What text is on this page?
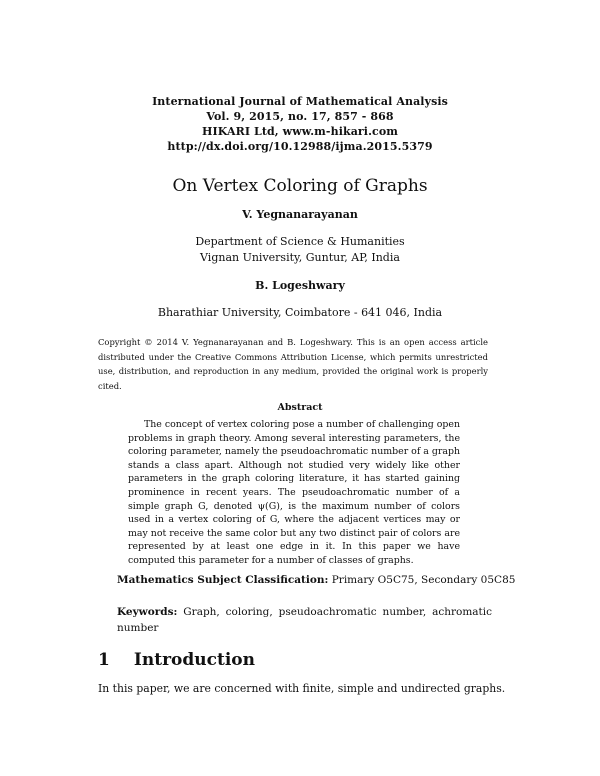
International Journal of Mathematical Analysis
Vol. 9, 2015, no. 17, 857 - 868
HIKARI Ltd, www.m-hikari.com
http://dx.doi.org/10.12988/ijma.2015.5379
On Vertex Coloring of Graphs
V. Yegnanarayanan
Department of Science & Humanities
Vignan University, Guntur, AP, India
B. Logeshwary
Bharathiar University, Coimbatore - 641 046, India
Copyright © 2014 V. Yegnanarayanan and B. Logeshwary. This is an open access article distributed under the Creative Commons Attribution License, which permits unrestricted use, distribution, and reproduction in any medium, provided the original work is properly cited.
Abstract
The concept of vertex coloring pose a number of challenging open problems in graph theory. Among several interesting parameters, the coloring parameter, namely the pseudoachromatic number of a graph stands a class apart. Although not studied very widely like other parameters in the graph coloring literature, it has started gaining prominence in recent years. The pseudoachromatic number of a simple graph G, denoted ψ(G), is the maximum number of colors used in a vertex coloring of G, where the adjacent vertices may or may not receive the same color but any two distinct pair of colors are represented by at least one edge in it. In this paper we have computed this parameter for a number of classes of graphs.
Mathematics Subject Classification: Primary O5C75, Secondary 05C85
Keywords: Graph, coloring, pseudoachromatic number, achromatic number
1 Introduction
In this paper, we are concerned with finite, simple and undirected graphs.
